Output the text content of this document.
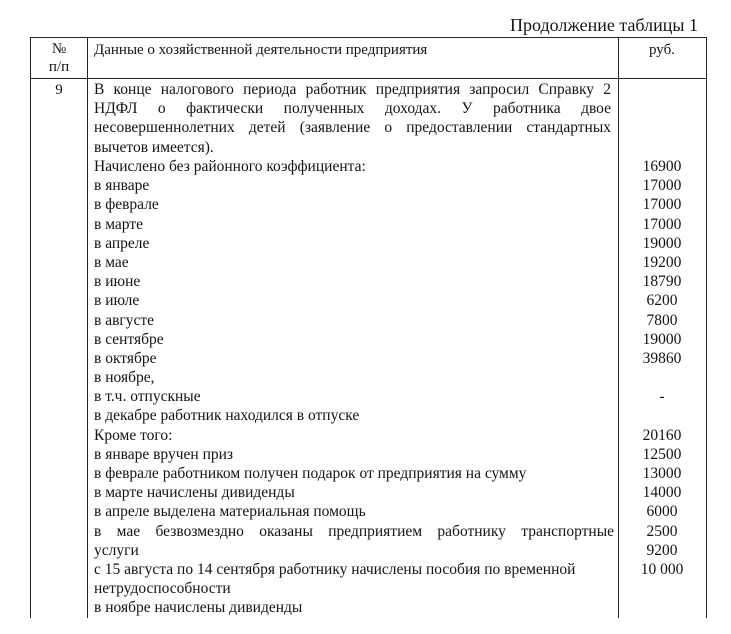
Продолжение таблицы 1
№
п/п
Данные о хозяйственной деятельности предприятия	руб.
9	В конце налогового периода работник предприятия запросил Справку 2 НДФЛ о фактически полученных доходах. У работника двое несовершеннолетних детей (заявление о предоставлении стандартных вычетов имеется).
Начислено без районного коэффициента:
в январе
в феврале
в марте
в апреле
в мае
в июне
в июле
в августе
в сентябре
в октябре
в ноябре,
в т.ч. отпускные
в декабре работник находился в отпуске
Кроме того:
в январе вручен приз
в феврале работником получен подарок от предприятия на сумму
в марте начислены дивиденды
в апреле выделена материальная помощь
в мае безвозмездно оказаны предприятием работнику транспортные
услуги
с 15 августа по 14 сентября работнику начислены пособия по временной
нетрудоспособности
в ноябре начислены дивиденды
16900
17000
17000
17000
19000
19200
18790
6200
7800
19000
39860
-
20160
12500
13000
14000
6000
2500
9200
10 000
